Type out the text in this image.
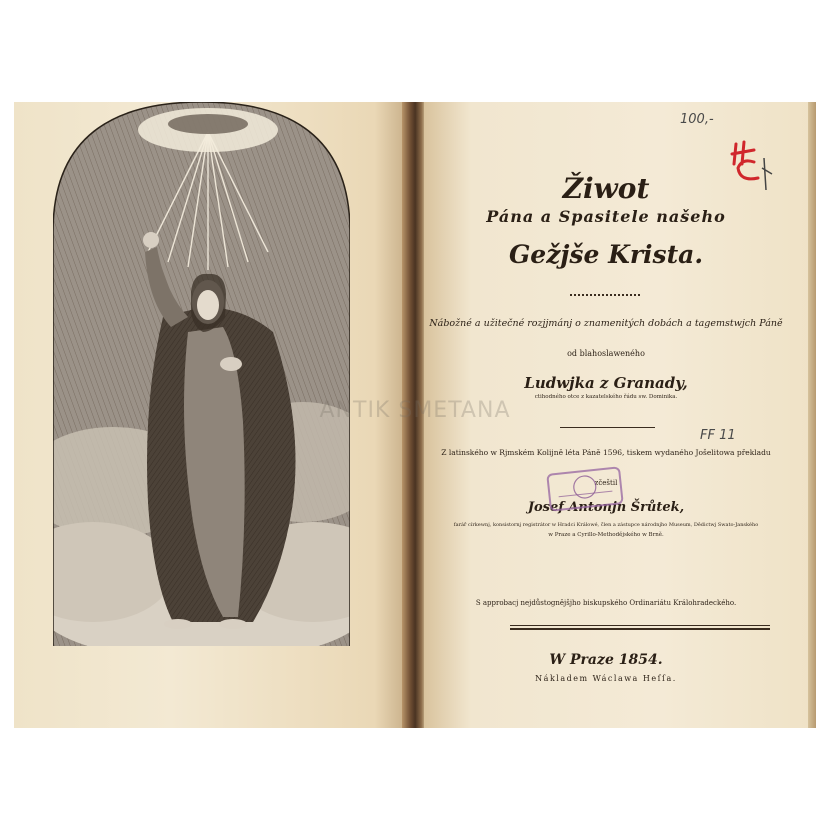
Žiwot
Pána a Spasitele našeho
Gežjše Krista.
Nábožné a užitečné rozjjmánj o znamenitých dobách a tagemstwjch Páně
od blahoslaweného
Ludwjka z Granady,
ctihodného otce z kazatelského řádu sw. Dominika.
Z latinského w Rjmském Kolijně léta Páně 1596, tiskem wydaného Jošelitowa překladu
zčeštil
Josef Antonjn Šrůtek,
farář církewnj, konsistornj registrátor w Hradci Králowé, člen a zástupce národnjho Museum, Dědictwj Swato-Janského
w Praze a Cyrillo-Methodějského w Brně.
S approbacj nejdůstognějšjho biskupského Ordinariátu Králohradeckého.
W Praze 1854.
Nákladem Wáclawa Heſſa.
100,-
FF 11
ANTIK SMETANA
